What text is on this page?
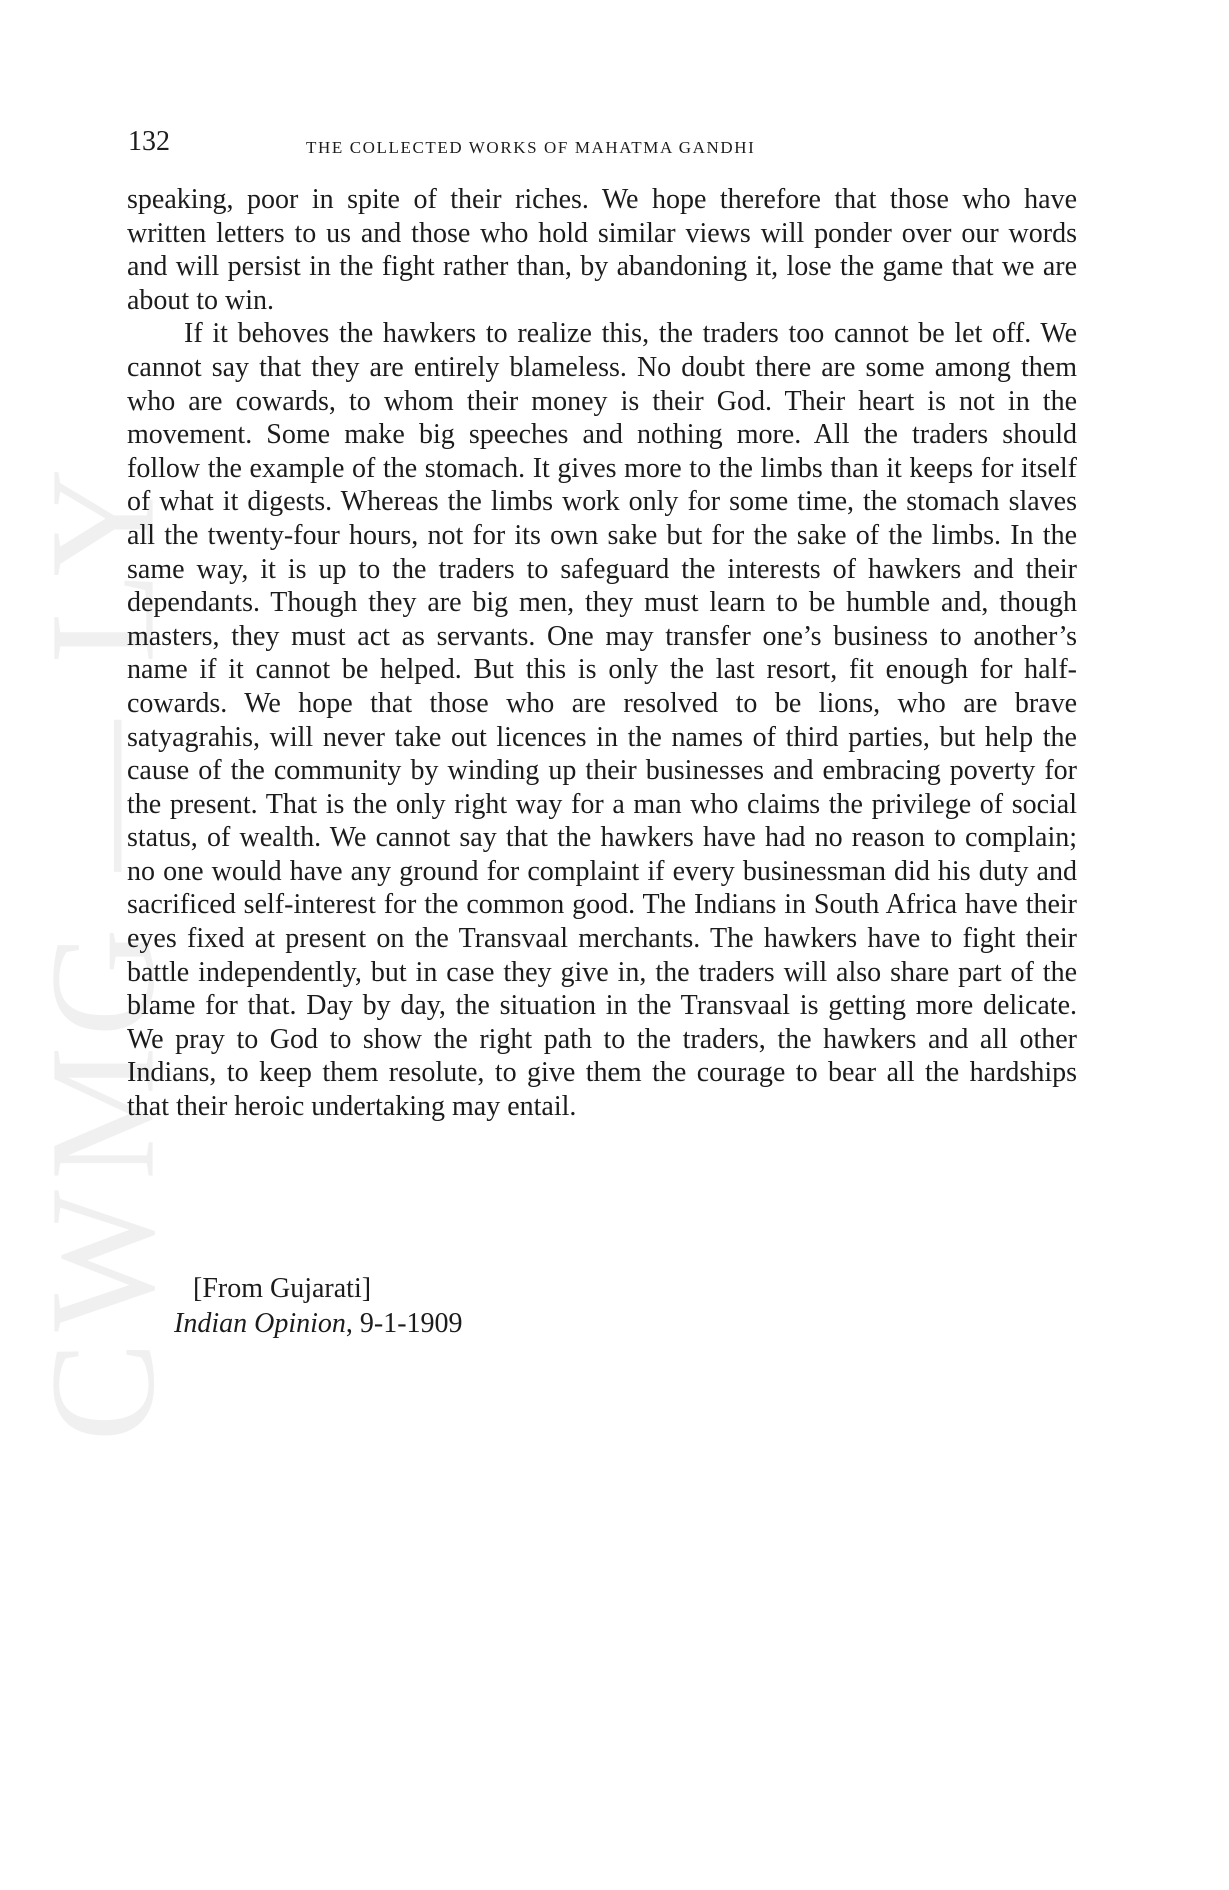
CWMG — LY
132	THE COLLECTED WORKS OF MAHATMA GANDHI

speaking, poor in spite of their riches. We hope therefore that those who have written letters to us and those who hold similar views will ponder over our words and will persist in the fight rather than, by abandoning it, lose the game that we are about to win.

If it behoves the hawkers to realize this, the traders too cannot be let off. We cannot say that they are entirely blameless. No doubt there are some among them who are cowards, to whom their money is their God. Their heart is not in the movement. Some make big speeches and nothing more. All the traders should follow the example of the stomach. It gives more to the limbs than it keeps for itself of what it digests. Whereas the limbs work only for some time, the stomach slaves all the twenty-four hours, not for its own sake but for the sake of the limbs. In the same way, it is up to the traders to safeguard the interests of hawkers and their dependants. Though they are big men, they must learn to be humble and, though masters, they must act as servants. One may transfer one’s business to another’s name if it cannot be helped. But this is only the last resort, fit enough for half-cowards. We hope that those who are resolved to be lions, who are brave satyagrahis, will never take out licences in the names of third parties, but help the cause of the community by winding up their businesses and embracing poverty for the present. That is the only right way for a man who claims the privilege of social status, of wealth. We cannot say that the hawkers have had no reason to complain; no one would have any ground for complaint if every businessman did his duty and sacrificed self-interest for the common good. The Indians in South Africa have their eyes fixed at present on the Transvaal merchants. The hawkers have to fight their battle independently, but in case they give in, the traders will also share part of the blame for that. Day by day, the situation in the Transvaal is getting more delicate. We pray to God to show the right path to the traders, the hawkers and all other Indians, to keep them resolute, to give them the courage to bear all the hardships that their heroic undertaking may entail.

[From Gujarati]
Indian Opinion, 9-1-1909
